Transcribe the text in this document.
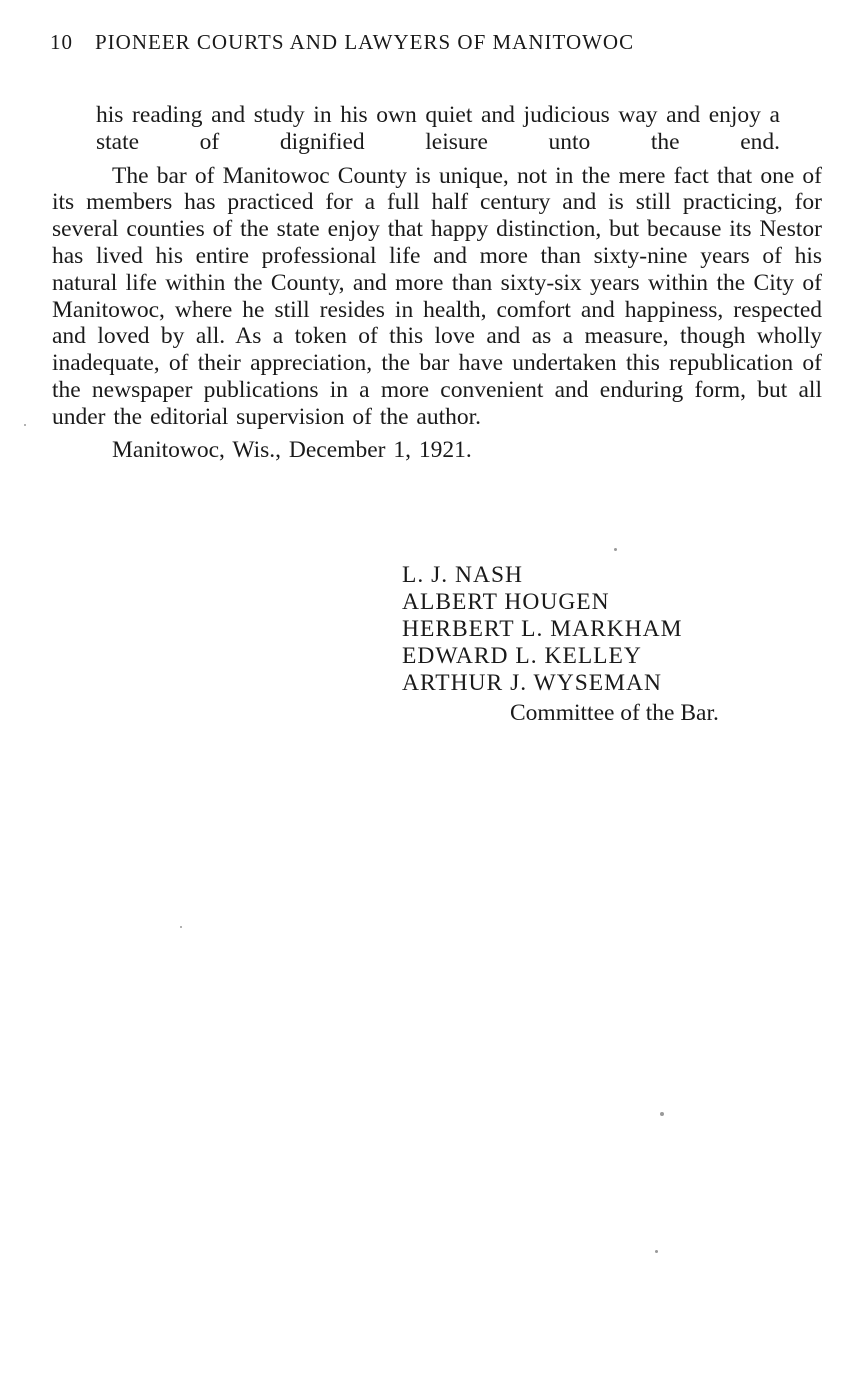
10 PIONEER COURTS AND LAWYERS OF MANITOWOC

his reading and study in his own quiet and judicious way and enjoy a state of dignified leisure unto the end.

The bar of Manitowoc County is unique, not in the mere fact that one of its members has practiced for a full half century and is still practicing, for several counties of the state enjoy that happy distinction, but because its Nestor has lived his entire professional life and more than sixty-nine years of his natural life within the County, and more than sixty-six years within the City of Manitowoc, where he still resides in health, comfort and happiness, respected and loved by all. As a token of this love and as a measure, though wholly inadequate, of their appreciation, the bar have undertaken this republication of the newspaper publications in a more convenient and enduring form, but all under the editorial supervision of the author.

Manitowoc, Wis., December 1, 1921.

L. J. NASH
ALBERT HOUGEN
HERBERT L. MARKHAM
EDWARD L. KELLEY
ARTHUR J. WYSEMAN
Committee of the Bar.
